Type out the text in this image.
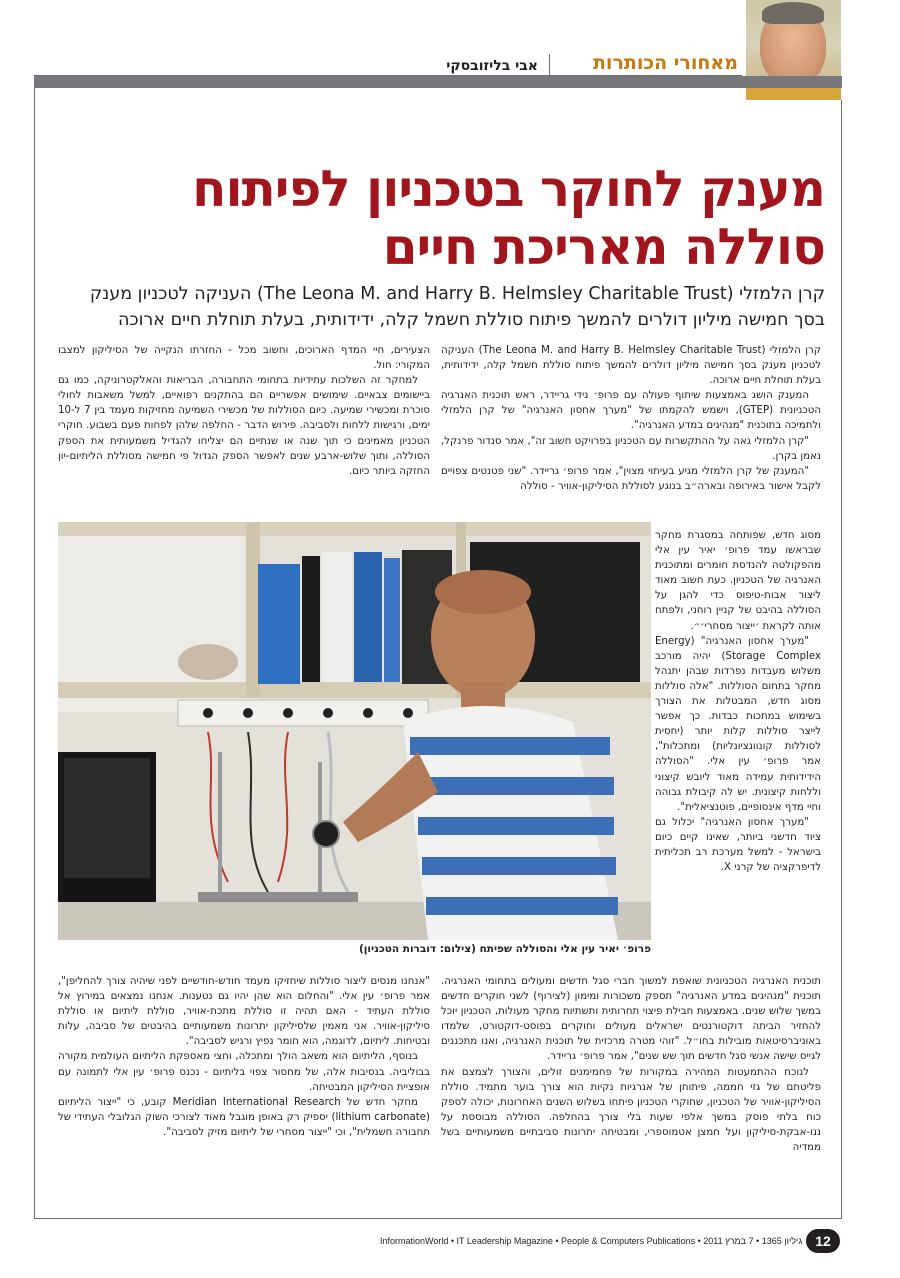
מאחורי הכותרות
אבי בליזובסקי
מענק לחוקר בטכניון לפיתוח סוללה מאריכת חיים
קרן הלמזלי (The Leona M. and Harry B. Helmsley Charitable Trust) העניקה לטכניון מענק בסך חמישה מיליון דולרים להמשך פיתוח סוללת חשמל קלה, ידידותית, בעלת תוחלת חיים ארוכה

קרן הלמזלי (The Leona M. and Harry B. Helmsley Charitable Trust) העניקה לטכניון מענק בסך חמישה מיליון דולרים להמשך פיתוח סוללת חשמל קלה, ידידותית, בעלת תוחלת חיים ארוכה.

המענק הושג באמצעות שיתוף פעולה עם פרופ׳ נידי גריידר, ראש תוכנית האנרגיה הטכניונית (GTEP), וישמש להקמתו של "מערך אחסון האנרגיה" של קרן הלמזלי ולתמיכה בתוכנית "מנהיגים במדע האנרגיה".

"קרן הלמזלי גאה על ההתקשרות עם הטכניון בפרויקט חשוב זה", אמר סנדור פרנקל, נאמן בקרן.

"המענק של קרן הלמזלי מגיע בעיתוי מצוין", אמר פרופ׳ גריידר. "שני פטנטים צפויים לקבל אישור באירופה ובארה״ב בנוגע לסוללת הסיליקון-אוויר - סוללה

הצעירים, חיי המדף הארוכים, וחשוב מכל - החזרתו הנקייה של הסיליקון למצבו המקורי: חול.

למחקר זה השלכות עתידיות בתחומי התחבורה, הבריאות והאלקטרוניקה, כמו גם ביישומים צבאיים. שימושים אפשריים הם בהתקנים רפואיים, למשל משאבות לחולי סוכרת ומכשירי שמיעה. כיום הסוללות של מכשירי השמיעה מחזיקות מעמד בין 7 ל-10 ימים, ורגישות ללחות ולסביבה. פירוש הדבר - החלפה שלהן לפחות פעם בשבוע. חוקרי הטכניון מאמינים כי תוך שנה או שנתיים הם יצליחו להגדיל משמעותית את הספק הסוללה, ותוך שלוש-ארבע שנים לאפשר הספק הגדול פי חמישה מסוללת הליתיום-יון החזקה ביותר כיום.

מסוג חדש, שפותחה במסגרת מחקר שבראשו עמד פרופ׳ יאיר עין אלי מהפקולטה להנדסת חומרים ומתוכנית האנרגיה של הטכניון. כעת חשוב מאוד ליצור אבות-טיפוס כדי להגן על הסוללה בהיבט של קניין רוחני, ולפתח אותה לקראת ׳ייצור מסחרי׳״.

"מערך אחסון האנרגיה" (Energy Storage Complex) יהיה מורכב משלוש מעבדות נפרדות שבהן יתנהל מחקר בתחום הסוללות. "אלה סוללות מסוג חדש, המבטלות את הצורך בשימוש במתכות כבדות. כך אפשר לייצר סוללות קלות יותר (יחסית לסוללות קונוונציונליות) ומתכלות", אמר פרופ׳ עין אלי. "הסוללה הידידותית עמידה מאוד ליובש קיצוני וללחות קיצונית. יש לה קיבולת גבוהה וחיי מדף אינסופיים, פוטנציאלית".

"מערך אחסון האנרגיה" יכלול גם ציוד חדשני ביותר, שאינו קיים כיום בישראל - למשל מערכת רב תכליתית לדיפרקציה של קרני X.

פרופ׳ יאיר עין אלי והסוללה שפיתח (צילום: דוברות הטכניון)

תוכנית האנרגיה הטכניונית שואפת למשוך חברי סגל חדשים ומעולים בתחומי האנרגיה. תוכנית "מנהיגים במדע האנרגיה" תספק משכורות ומימון (לצירוף) לשני חוקרים חדשים במשך שלוש שנים. באמצעות חבילת פיצוי תחרותית ותשתיות מחקר מעולות, הטכניון יוכל להחזיר הביתה דוקטורנטים ישראלים מעולים וחוקרים בפוסט-דוקטורט, שלמדו באוניברסיטאות מובילות בחו״ל. "זוהי מטרה מרכזית של תוכנית האנרגיה, ואנו מתכננים לגייס שישה אנשי סגל חדשים תוך שש שנים", אמר פרופ׳ גריידר.

לנוכח ההתמעטות המהירה במקורות של פחמימנים זולים, והצורך לצמצם את פליטתם של גזי חממה, פיתוחן של אנרגיות נקיות הוא צורך בוער מתמיד. סוללת הסיליקון-אוויר של הטכניון, שחוקרי הטכניון פיתחו בשלוש השנים האחרונות, יכולה לספק כוח בלתי פוסק במשך אלפי שעות בלי צורך בהחלפה. הסוללה מבוססת על ננו-אבקת-סיליקון ועל חמצן אטמוספרי, ומבטיחה יתרונות סביבתיים משמעותיים בשל ממדיה

"אנחנו מנסים ליצור סוללות שיחזיקו מעמד חודש-חודשיים לפני שיהיה צורך להחליפן", אמר פרופ׳ עין אלי. "והחלום הוא שהן יהיו גם נטענות. אנחנו נמצאים במירוץ אל סוללת העתיד - האם תהיה זו סוללת מתכת-אוויר, סוללת ליתיום או סוללת סיליקון-אוויר. אני מאמין שלסיליקון יתרונות משמעותיים בהיבטים של סביבה, עלות ובטיחות. ליתיום, לדוגמה, הוא חומר נפיץ ורגיש לסביבה".

בנוסף, הליתיום הוא משאב הולך ומתכלה, וחצי מאספקת הליתיום העולמית מקורה בבוליביה. בנסיבות אלה, של מחסור צפוי בליתיום - נכנס פרופ׳ עין אלי לתמונה עם אופציית הסיליקון המבטיחה.

מחקר חדש של Meridian International Research קובע, כי "ייצור הליתיום (lithium carbonate) יספיק רק באופן מוגבל מאוד לצורכי השוק הגלובלי העתידי של תחבורה חשמלית", וכי "ייצור מסחרי של ליתיום מזיק לסביבה".

InformationWorld • IT Leadership Magazine • People & Computers Publications • 2011 גיליון 1365 • 7 במרץ 12
